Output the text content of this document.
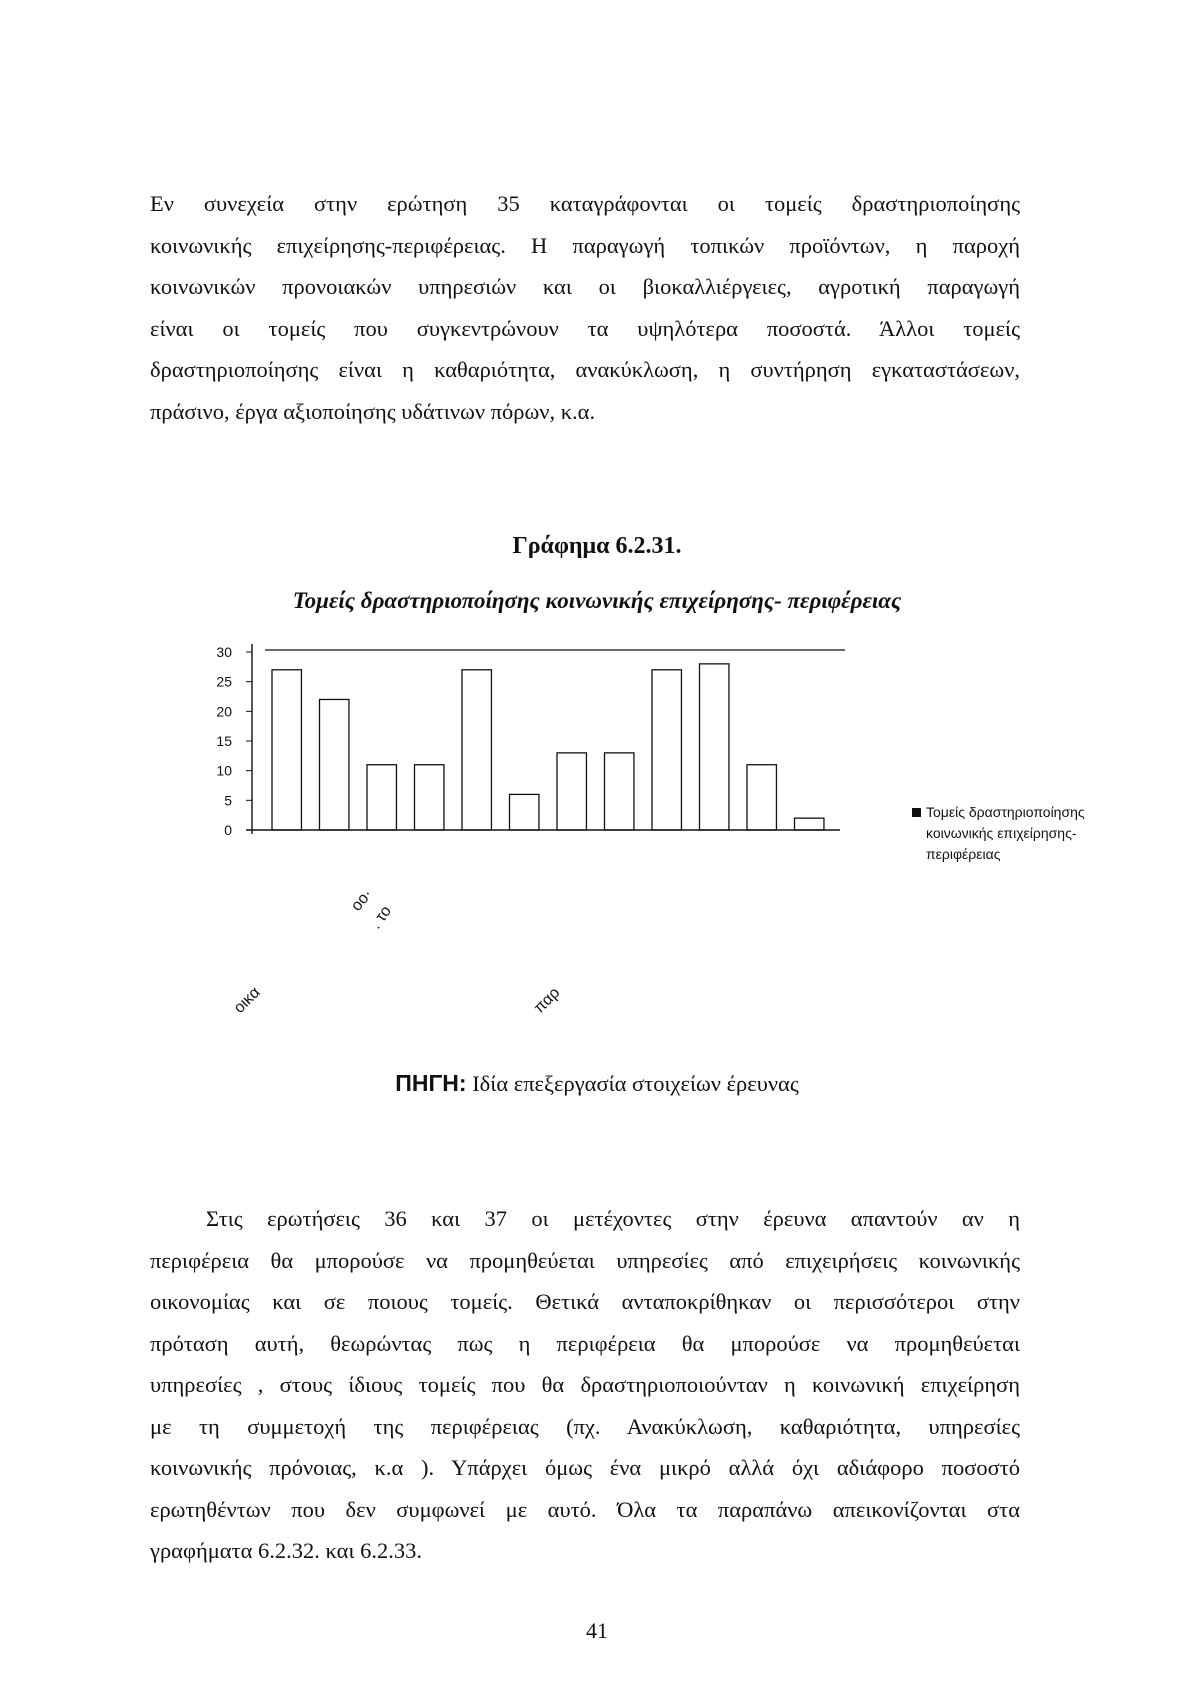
Εν συνεχεία στην ερώτηση 35 καταγράφονται οι τομείς δραστηριοποίησης
κοινωνικής επιχείρησης-περιφέρειας. Η παραγωγή τοπικών προϊόντων, η παροχή
κοινωνικών προνοιακών υπηρεσιών και οι βιοκαλλιέργειες, αγροτική παραγωγή
είναι οι τομείς που συγκεντρώνουν τα υψηλότερα ποσοστά. Άλλοι τομείς
δραστηριοποίησης είναι η καθαριότητα, ανακύκλωση, η συντήρηση εγκαταστάσεων,
πράσινο, έργα αξιοποίησης υδάτινων πόρων, κ.α.
Γράφημα 6.2.31.
Τομείς δραστηριοποίησης κοινωνικής επιχείρησης- περιφέρειας
0
5
10
15
20
25
30
Τομείς δραστηριοποίησης
κοινωνικής επιχείρησης-
περιφέρειας
οο·
. το
οικα	παρ
ΠΗΓΗ: Ιδία επεξεργασία στοιχείων έρευνας
Στις ερωτήσεις 36 και 37 οι μετέχοντες στην έρευνα απαντούν αν η
περιφέρεια θα μπορούσε να προμηθεύεται υπηρεσίες από επιχειρήσεις κοινωνικής
οικονομίας και σε ποιους τομείς. Θετικά ανταποκρίθηκαν οι περισσότεροι στην
πρόταση αυτή, θεωρώντας πως η περιφέρεια θα μπορούσε να προμηθεύεται
υπηρεσίες , στους ίδιους τομείς που θα δραστηριοποιούνταν η κοινωνική επιχείρηση
με τη συμμετοχή της περιφέρειας (πχ. Ανακύκλωση, καθαριότητα, υπηρεσίες
κοινωνικής πρόνοιας, κ.α ). Υπάρχει όμως ένα μικρό αλλά όχι αδιάφορο ποσοστό
ερωτηθέντων που δεν συμφωνεί με αυτό. Όλα τα παραπάνω απεικονίζονται στα
γραφήματα 6.2.32. και 6.2.33.
41
